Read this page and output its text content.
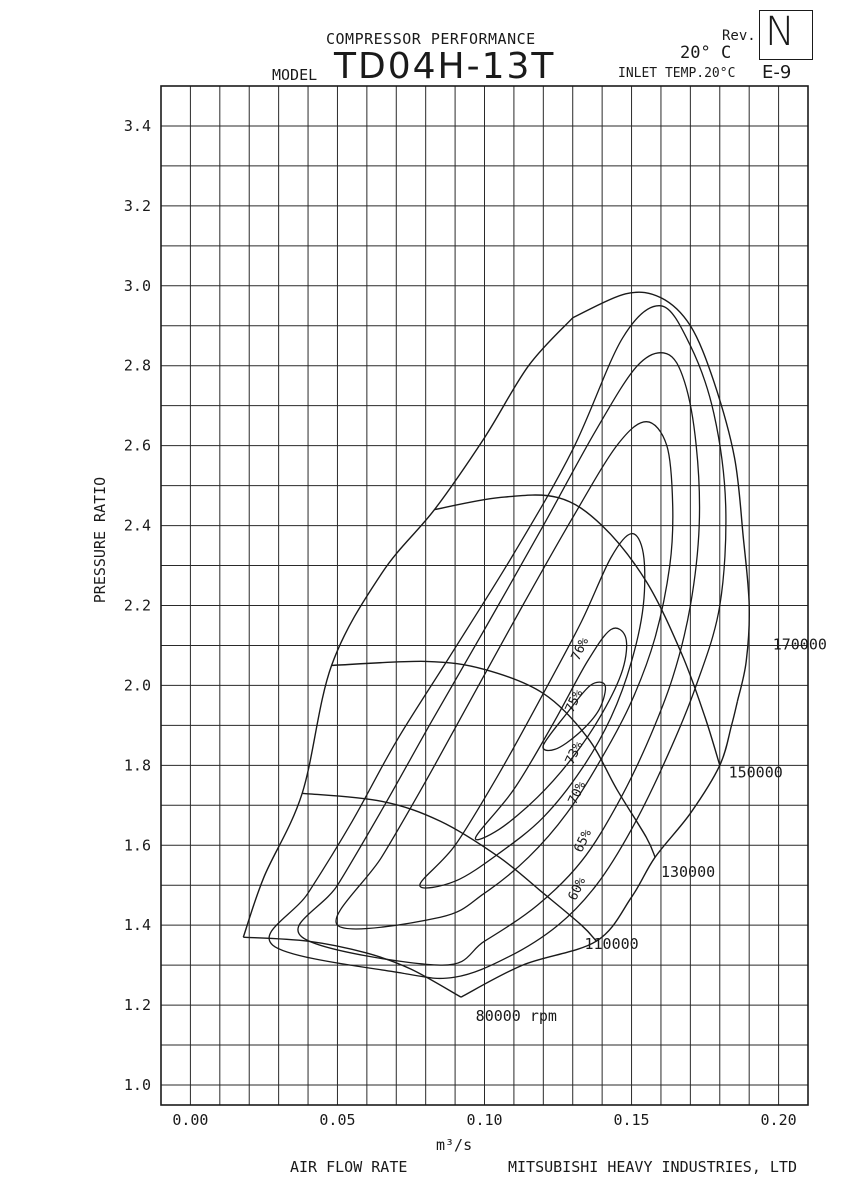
COMPRESSOR PERFORMANCE
MODEL TD04H-13T
Rev. N
20° C
INLET TEMP.20°C E-9
PRESSURE RATIO
0.00	0.05	0.10	0.15	0.20
1.0
1.2
1.4
1.6
1.8
2.0
2.2
2.4
2.6
2.8
3.0
3.2
3.4
170000
150000
130000
110000
80000 rpm
60%
65%
70%
73%
75%
76%
m³/s
AIR FLOW RATE	MITSUBISHI HEAVY INDUSTRIES, LTD
